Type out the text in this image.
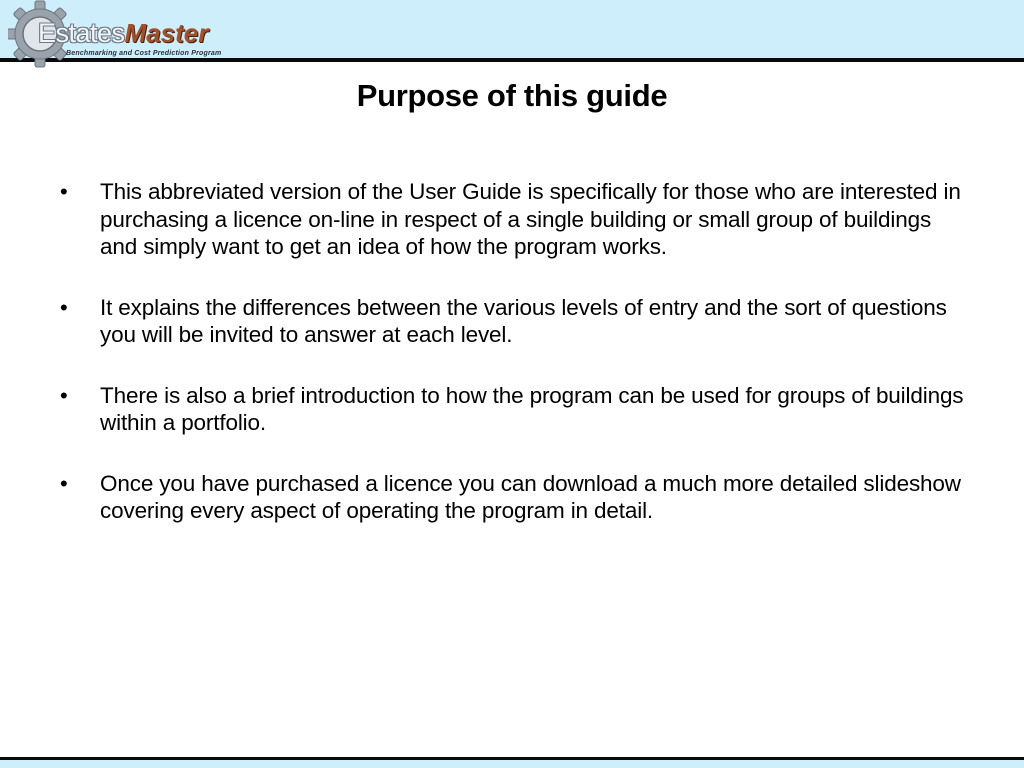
EstatesMaster
Benchmarking and Cost Prediction Program
Purpose of this guide
• This abbreviated version of the User Guide is specifically for those who are interested in purchasing a licence on-line in respect of a single building or small group of buildings and simply want to get an idea of how the program works.
• It explains the differences between the various levels of entry and the sort of questions you will be invited to answer at each level.
• There is also a brief introduction to how the program can be used for groups of buildings within a portfolio.
• Once you have purchased a licence you can download a much more detailed slideshow covering every aspect of operating the program in detail.
